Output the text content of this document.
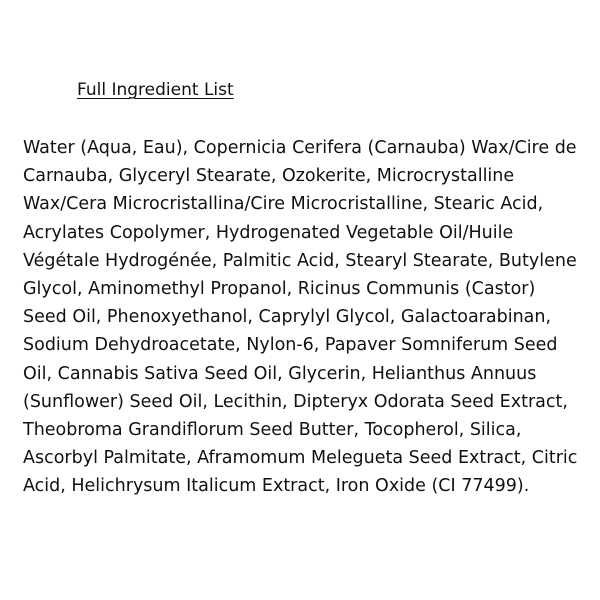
Full Ingredient List
Water (Aqua, Eau), Copernicia Cerifera (Carnauba) Wax/Cire de
Carnauba, Glyceryl Stearate, Ozokerite, Microcrystalline
Wax/Cera Microcristallina/Cire Microcristalline, Stearic Acid,
Acrylates Copolymer, Hydrogenated Vegetable Oil/Huile
Végétale Hydrogénée, Palmitic Acid, Stearyl Stearate, Butylene
Glycol, Aminomethyl Propanol, Ricinus Communis (Castor)
Seed Oil, Phenoxyethanol, Caprylyl Glycol, Galactoarabinan,
Sodium Dehydroacetate, Nylon-6, Papaver Somniferum Seed
Oil, Cannabis Sativa Seed Oil, Glycerin, Helianthus Annuus
(Sunflower) Seed Oil, Lecithin, Dipteryx Odorata Seed Extract,
Theobroma Grandiflorum Seed Butter, Tocopherol, Silica,
Ascorbyl Palmitate, Aframomum Melegueta Seed Extract, Citric
Acid, Helichrysum Italicum Extract, Iron Oxide (CI 77499).
